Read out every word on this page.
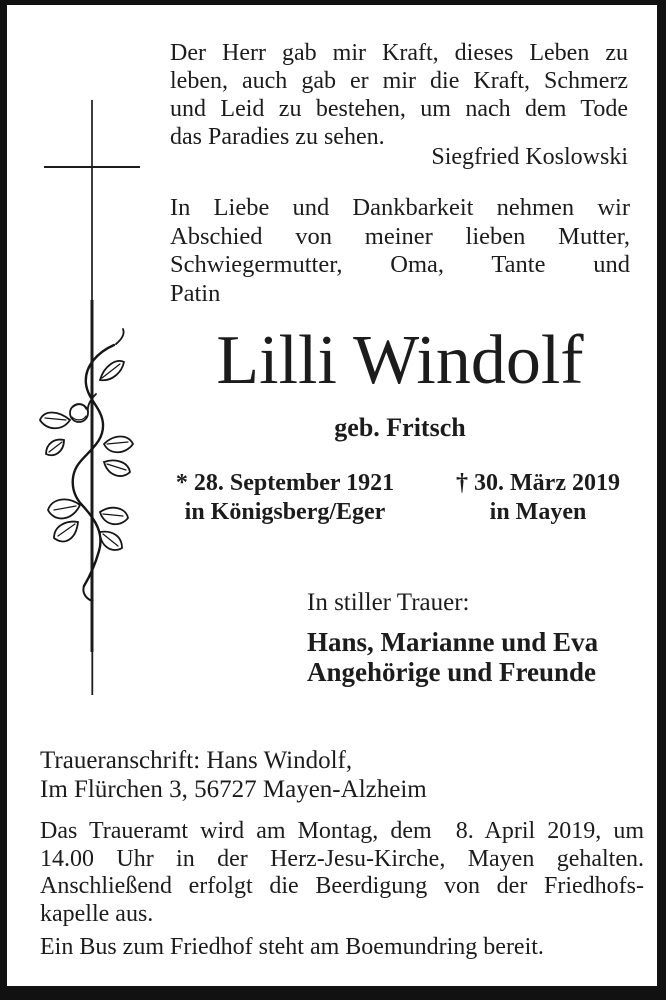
Der Herr gab mir Kraft, dieses Leben zu
leben, auch gab er mir die Kraft, Schmerz
und Leid zu bestehen, um nach dem Tode
das Paradies zu sehen.
Siegfried Koslowski
In Liebe und Dankbarkeit nehmen wir
Abschied von meiner lieben Mutter,
Schwiegermutter, Oma, Tante und
Patin
Lilli Windolf
geb. Fritsch
* 28. September 1921
in Königsberg/Eger
† 30. März 2019
in Mayen
In stiller Trauer:
Hans, Marianne und Eva
Angehörige und Freunde
Traueranschrift: Hans Windolf,
Im Flürchen 3, 56727 Mayen-Alzheim
Das Traueramt wird am Montag, dem  8. April 2019, um
14.00 Uhr in der Herz-Jesu-Kirche, Mayen gehalten.
Anschließend erfolgt die Beerdigung von der Friedhofs-
kapelle aus.
Ein Bus zum Friedhof steht am Boemundring bereit.
